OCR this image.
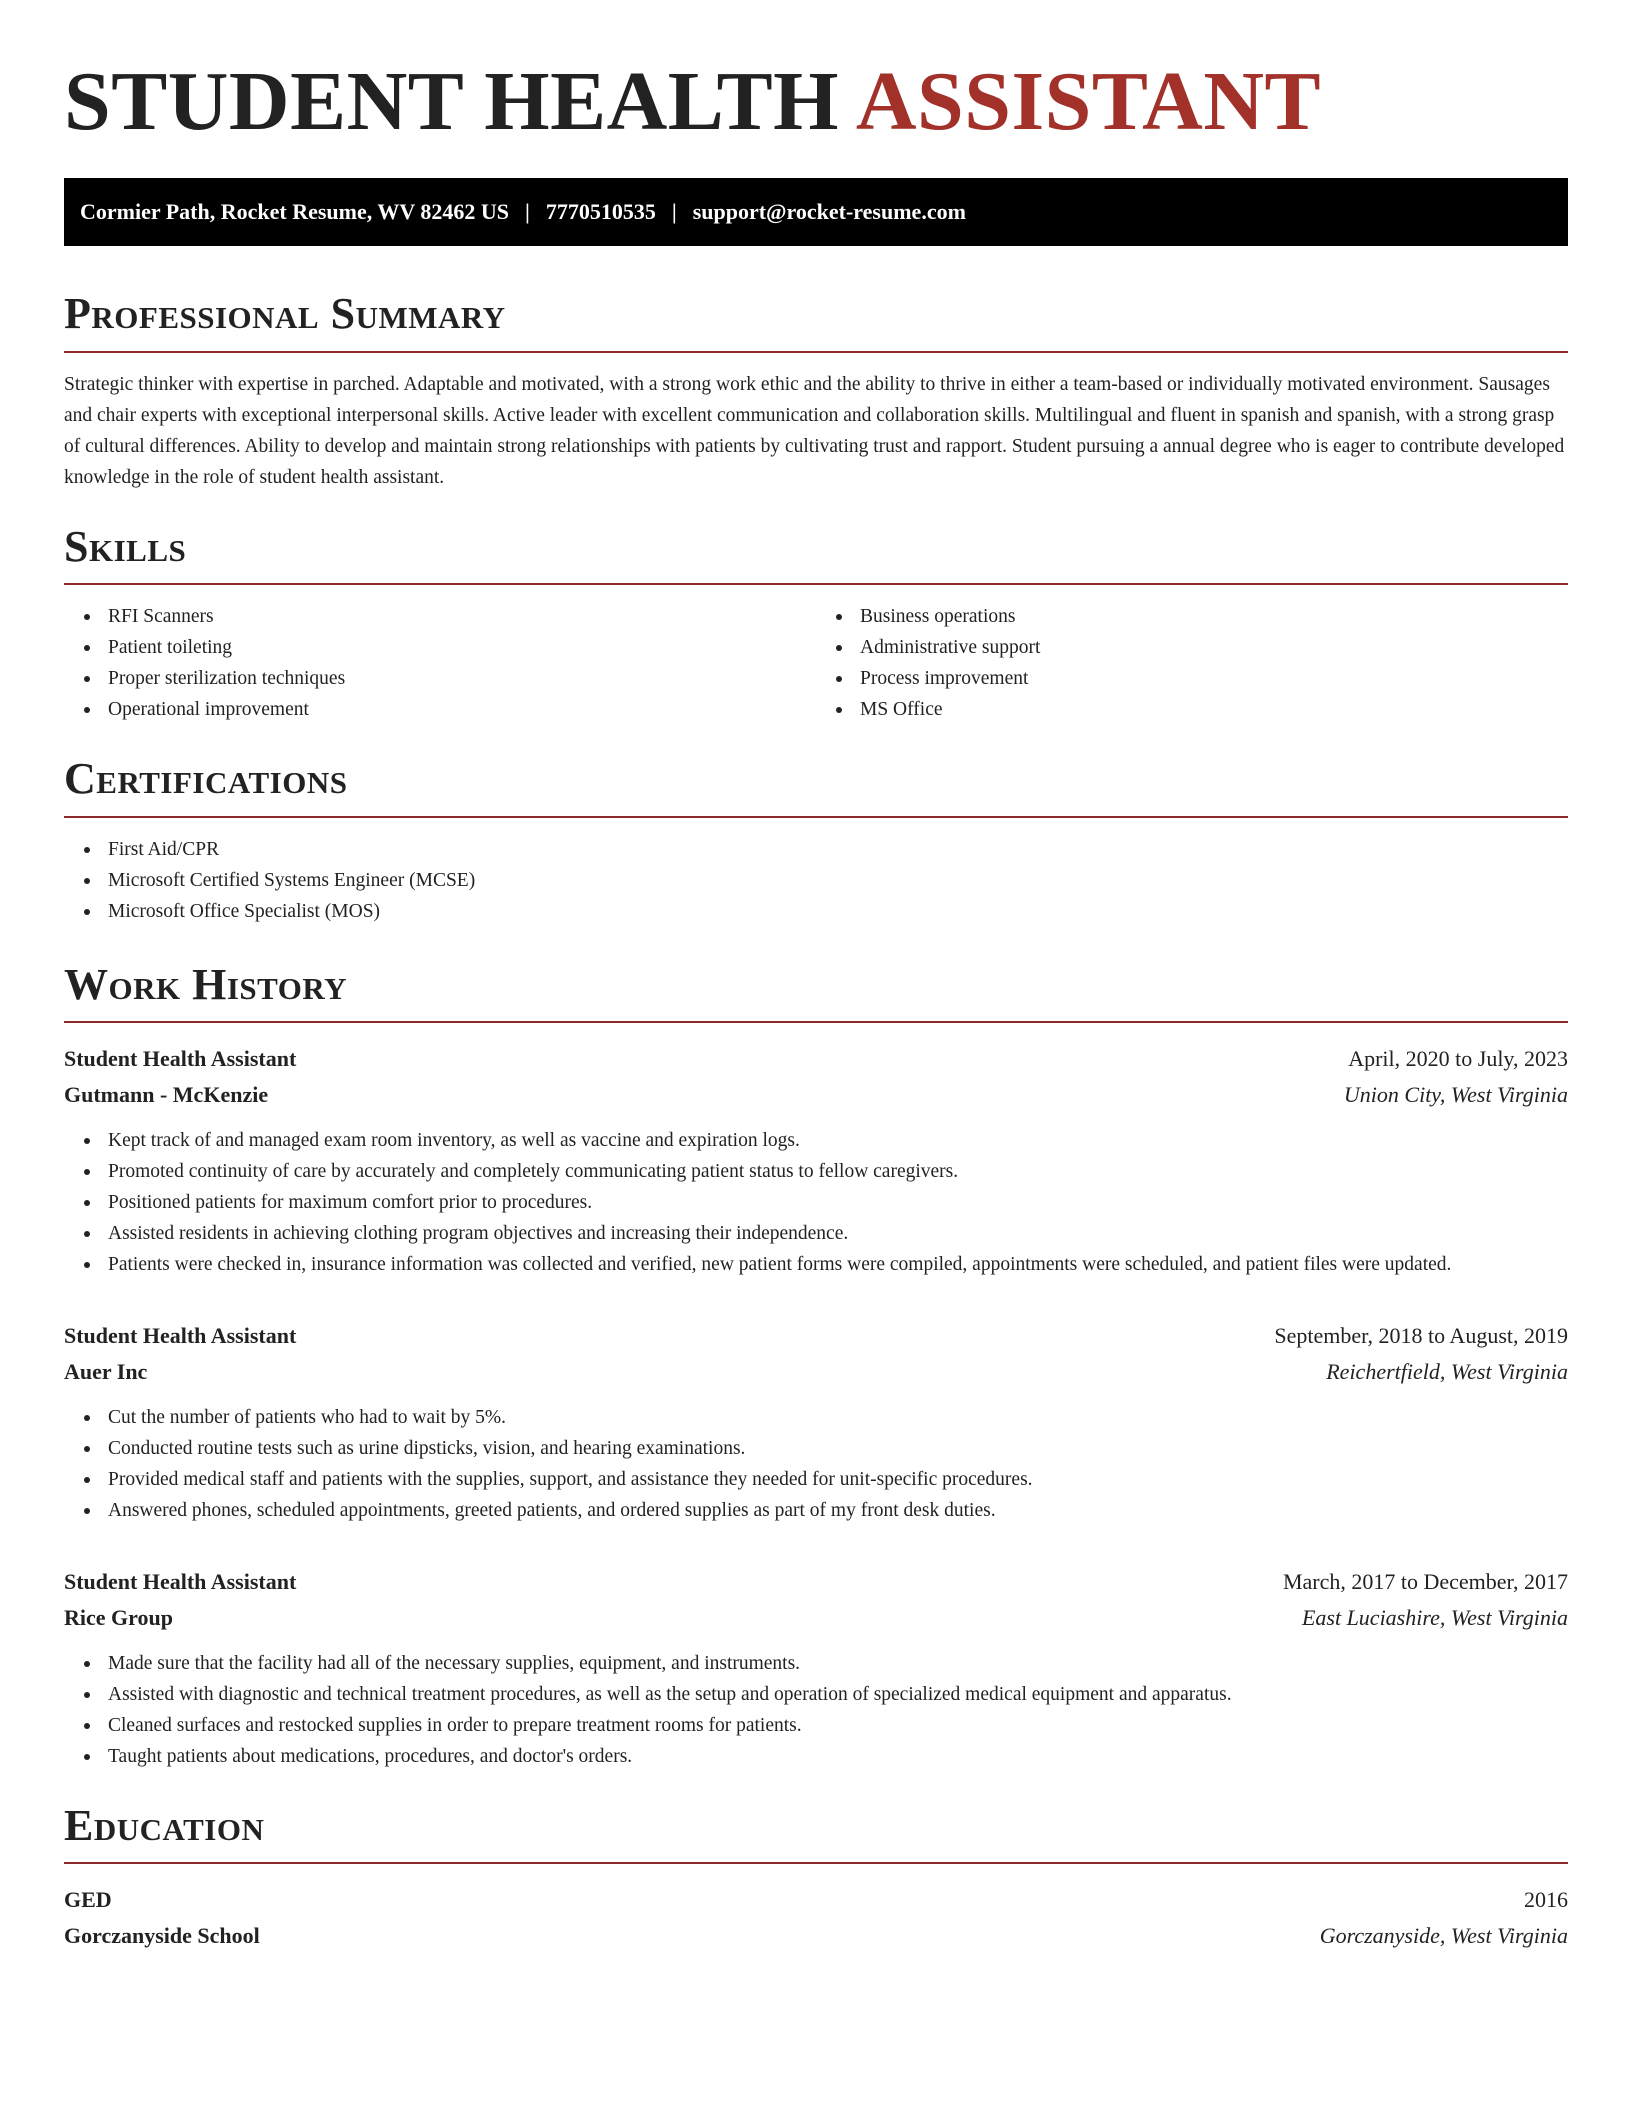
STUDENT HEALTH ASSISTANT
Cormier Path, Rocket Resume, WV 82462 US | 7770510535 | support@rocket-resume.com
Professional Summary

Strategic thinker with expertise in parched. Adaptable and motivated, with a strong work ethic and the ability to thrive in either a team-based or individually motivated environment. Sausages and chair experts with exceptional interpersonal skills. Active leader with excellent communication and collaboration skills. Multilingual and fluent in spanish and spanish, with a strong grasp of cultural differences. Ability to develop and maintain strong relationships with patients by cultivating trust and rapport. Student pursuing a annual degree who is eager to contribute developed knowledge in the role of student health assistant.

Skills
RFI Scanners
Patient toileting
Proper sterilization techniques
Operational improvement
Business operations
Administrative support
Process improvement
MS Office
Certifications
First Aid/CPR
Microsoft Certified Systems Engineer (MCSE)
Microsoft Office Specialist (MOS)
Work History
Student Health Assistant	April, 2020 to July, 2023
Gutmann - McKenzie	Union City, West Virginia
Kept track of and managed exam room inventory, as well as vaccine and expiration logs.
Promoted continuity of care by accurately and completely communicating patient status to fellow caregivers.
Positioned patients for maximum comfort prior to procedures.
Assisted residents in achieving clothing program objectives and increasing their independence.
Patients were checked in, insurance information was collected and verified, new patient forms were compiled, appointments were scheduled, and patient files were updated.
Student Health Assistant	September, 2018 to August, 2019
Auer Inc	Reichertfield, West Virginia
Cut the number of patients who had to wait by 5%.
Conducted routine tests such as urine dipsticks, vision, and hearing examinations.
Provided medical staff and patients with the supplies, support, and assistance they needed for unit-specific procedures.
Answered phones, scheduled appointments, greeted patients, and ordered supplies as part of my front desk duties.
Student Health Assistant	March, 2017 to December, 2017
Rice Group	East Luciashire, West Virginia
Made sure that the facility had all of the necessary supplies, equipment, and instruments.
Assisted with diagnostic and technical treatment procedures, as well as the setup and operation of specialized medical equipment and apparatus.
Cleaned surfaces and restocked supplies in order to prepare treatment rooms for patients.
Taught patients about medications, procedures, and doctor's orders.
Education
GED	2016
Gorczanyside School	Gorczanyside, West Virginia
